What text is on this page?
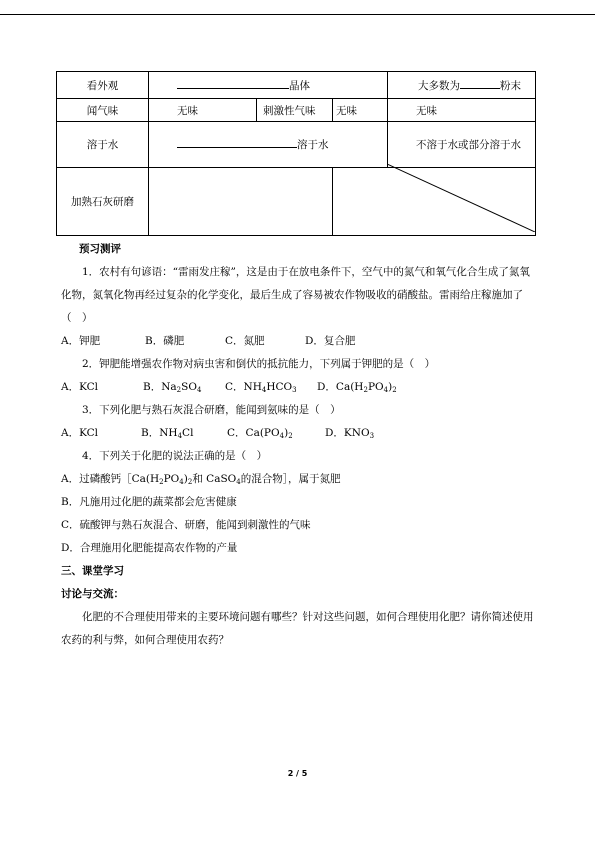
看外观	晶体			大多数为 粉末
闻气味	无味	刺激性气味	无味	无味
溶于水	溶于水			不溶于水或部分溶于水
加熟石灰研磨				
预习测评
1．农村有句谚语：“雷雨发庄稼”，这是由于在放电条件下，空气中的氮气和氧气化合生成了氮氧化物，氮氧化物再经过复杂的化学变化，最后生成了容易被农作物吸收的硝酸盐。雷雨给庄稼施加了（　）
A．钾肥	B．磷肥	C．氮肥	D．复合肥
2．钾肥能增强农作物对病虫害和倒伏的抵抗能力，下列属于钾肥的是（　）
A．KCl	B．$Na_2SO_4$ C．$NH_4HCO_3$ D．$Ca(H_2PO_4)_2$
3．下列化肥与熟石灰混合研磨，能闻到氨味的是（　）
A．KCl	B．$NH_4Cl$	C．$Ca(PO_4)_2$	D．$KNO_3$
4．下列关于化肥的说法正确的是（　）
A．过磷酸钙$[Ca(H_2PO_4)_2$和 CaSO$_4$的混合物］，属于氮肥
B．凡施用过化肥的蔬菜都会危害健康
C．硫酸钾与熟石灰混合、研磨，能闻到刺激性的气味
D．合理施用化肥能提高农作物的产量
三、课堂学习
讨论与交流：
化肥的不合理使用带来的主要环境问题有哪些？针对这些问题，如何合理使用化肥？请你简述使用农药的利与弊，如何合理使用农药？
2 / 5
